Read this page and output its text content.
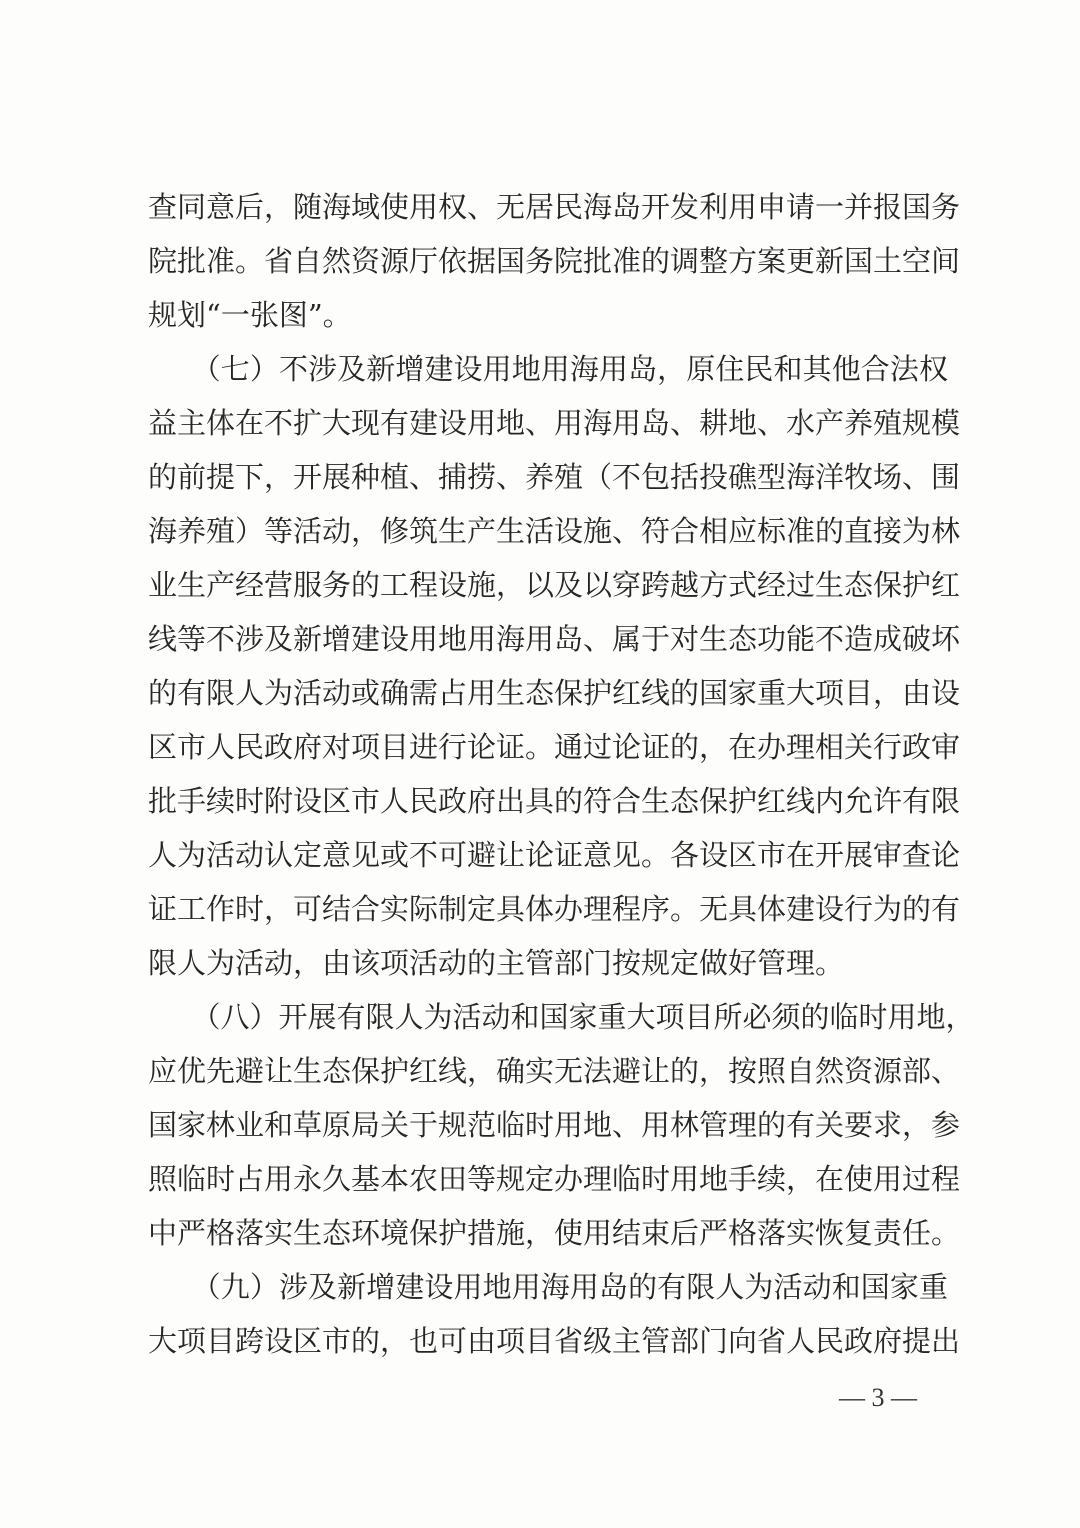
查同意后，随海域使用权、无居民海岛开发利用申请一并报国务
院批准。省自然资源厅依据国务院批准的调整方案更新国土空间
规划“一张图”。
　　（七）不涉及新增建设用地用海用岛，原住民和其他合法权
益主体在不扩大现有建设用地、用海用岛、耕地、水产养殖规模
的前提下，开展种植、捕捞、养殖（不包括投礁型海洋牧场、围
海养殖）等活动，修筑生产生活设施、符合相应标准的直接为林
业生产经营服务的工程设施，以及以穿跨越方式经过生态保护红
线等不涉及新增建设用地用海用岛、属于对生态功能不造成破坏
的有限人为活动或确需占用生态保护红线的国家重大项目，由设
区市人民政府对项目进行论证。通过论证的，在办理相关行政审
批手续时附设区市人民政府出具的符合生态保护红线内允许有限
人为活动认定意见或不可避让论证意见。各设区市在开展审查论
证工作时，可结合实际制定具体办理程序。无具体建设行为的有
限人为活动，由该项活动的主管部门按规定做好管理。
　　（八）开展有限人为活动和国家重大项目所必须的临时用地，
应优先避让生态保护红线，确实无法避让的，按照自然资源部、
国家林业和草原局关于规范临时用地、用林管理的有关要求，参
照临时占用永久基本农田等规定办理临时用地手续，在使用过程
中严格落实生态环境保护措施，使用结束后严格落实恢复责任。
　　（九）涉及新增建设用地用海用岛的有限人为活动和国家重
大项目跨设区市的，也可由项目省级主管部门向省人民政府提出
— 3 —
